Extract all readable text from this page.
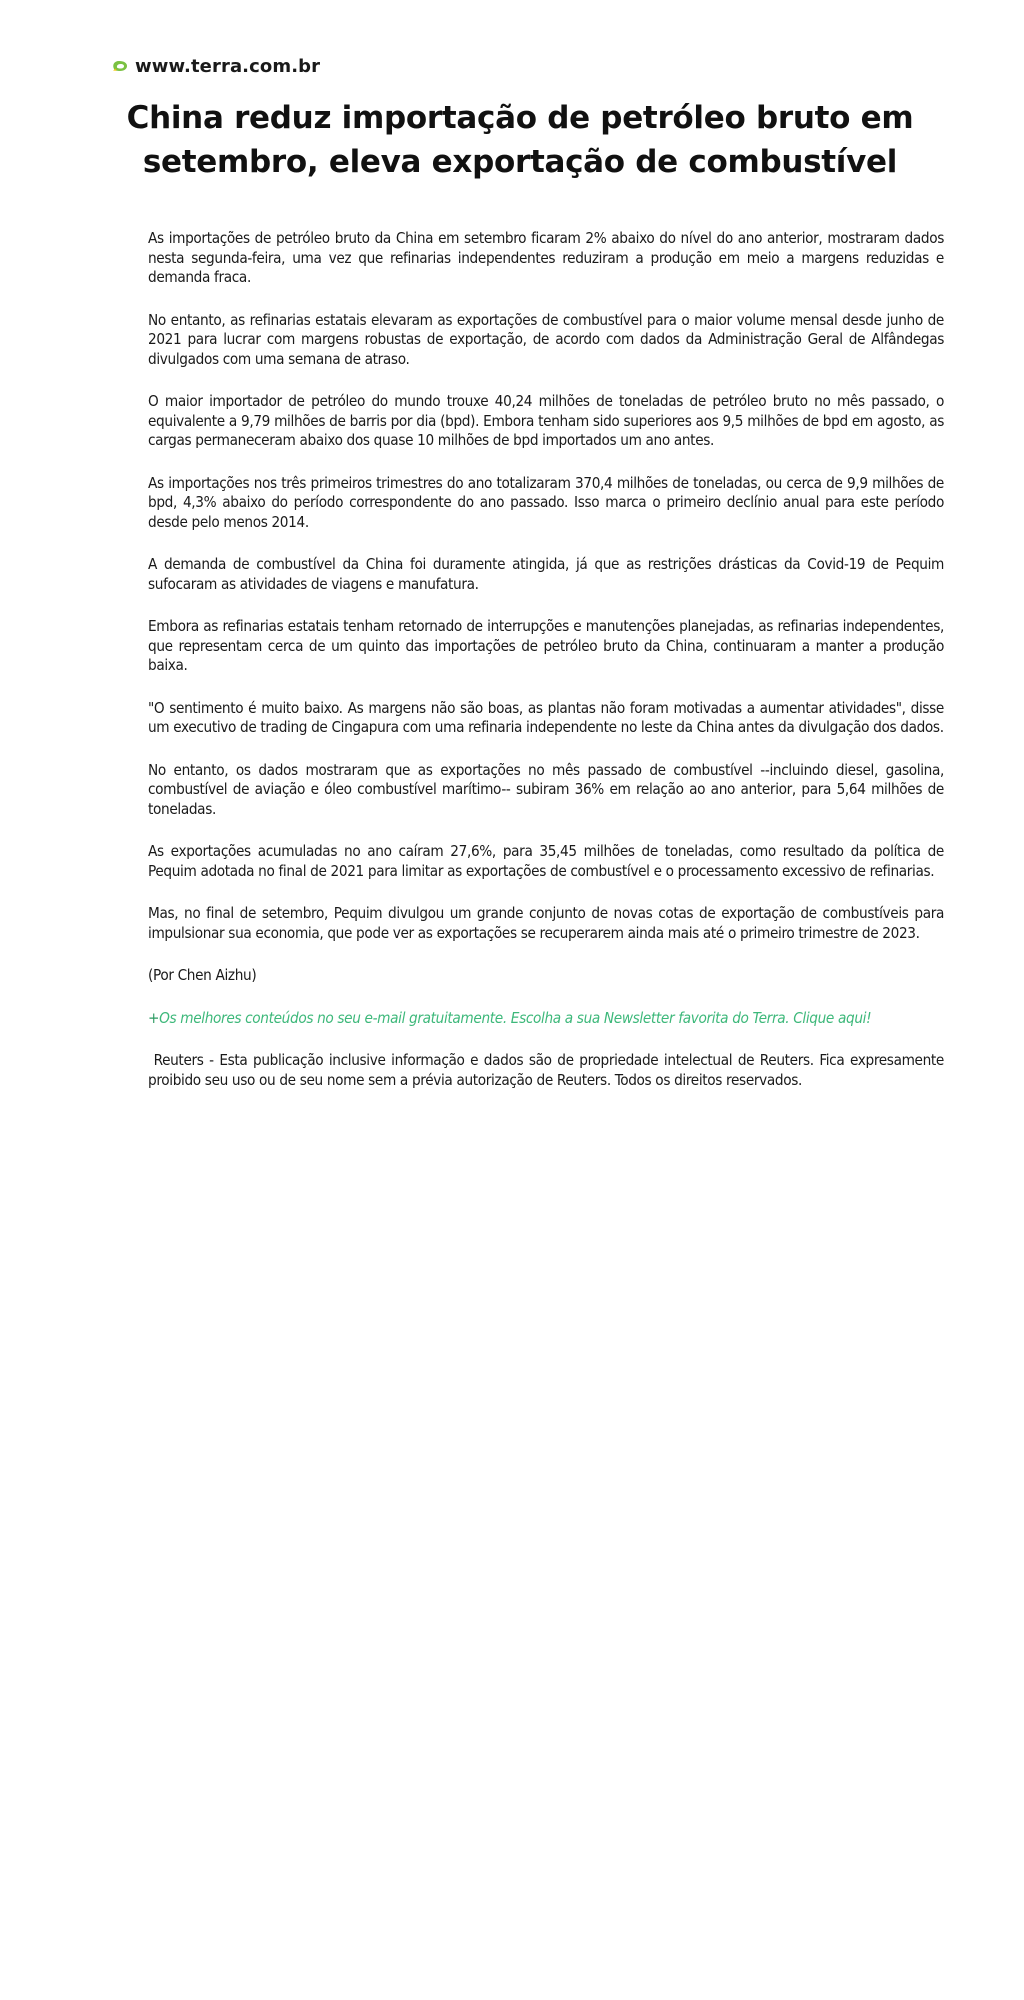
www.terra.com.br
China reduz importação de petróleo bruto em setembro, eleva exportação de combustível

As importações de petróleo bruto da China em setembro ficaram 2% abaixo do nível do ano anterior, mostraram dados nesta segunda-feira, uma vez que refinarias independentes reduziram a produção em meio a margens reduzidas e demanda fraca.

No entanto, as refinarias estatais elevaram as exportações de combustível para o maior volume mensal desde junho de 2021 para lucrar com margens robustas de exportação, de acordo com dados da Administração Geral de Alfândegas divulgados com uma semana de atraso.

O maior importador de petróleo do mundo trouxe 40,24 milhões de toneladas de petróleo bruto no mês passado, o equivalente a 9,79 milhões de barris por dia (bpd). Embora tenham sido superiores aos 9,5 milhões de bpd em agosto, as cargas permaneceram abaixo dos quase 10 milhões de bpd importados um ano antes.

As importações nos três primeiros trimestres do ano totalizaram 370,4 milhões de toneladas, ou cerca de 9,9 milhões de bpd, 4,3% abaixo do período correspondente do ano passado. Isso marca o primeiro declínio anual para este período desde pelo menos 2014.

A demanda de combustível da China foi duramente atingida, já que as restrições drásticas da Covid-19 de Pequim sufocaram as atividades de viagens e manufatura.

Embora as refinarias estatais tenham retornado de interrupções e manutenções planejadas, as refinarias independentes, que representam cerca de um quinto das importações de petróleo bruto da China, continuaram a manter a produção baixa.

"O sentimento é muito baixo. As margens não são boas, as plantas não foram motivadas a aumentar atividades", disse um executivo de trading de Cingapura com uma refinaria independente no leste da China antes da divulgação dos dados.

No entanto, os dados mostraram que as exportações no mês passado de combustível --incluindo diesel, gasolina, combustível de aviação e óleo combustível marítimo-- subiram 36% em relação ao ano anterior, para 5,64 milhões de toneladas.

As exportações acumuladas no ano caíram 27,6%, para 35,45 milhões de toneladas, como resultado da política de Pequim adotada no final de 2021 para limitar as exportações de combustível e o processamento excessivo de refinarias.

Mas, no final de setembro, Pequim divulgou um grande conjunto de novas cotas de exportação de combustíveis para impulsionar sua economia, que pode ver as exportações se recuperarem ainda mais até o primeiro trimestre de 2023.

(Por Chen Aizhu)

+Os melhores conteúdos no seu e-mail gratuitamente. Escolha a sua Newsletter favorita do Terra. Clique aqui!

Reuters - Esta publicação inclusive informação e dados são de propriedade intelectual de Reuters. Fica expresamente proibido seu uso ou de seu nome sem a prévia autorização de Reuters. Todos os direitos reservados.
